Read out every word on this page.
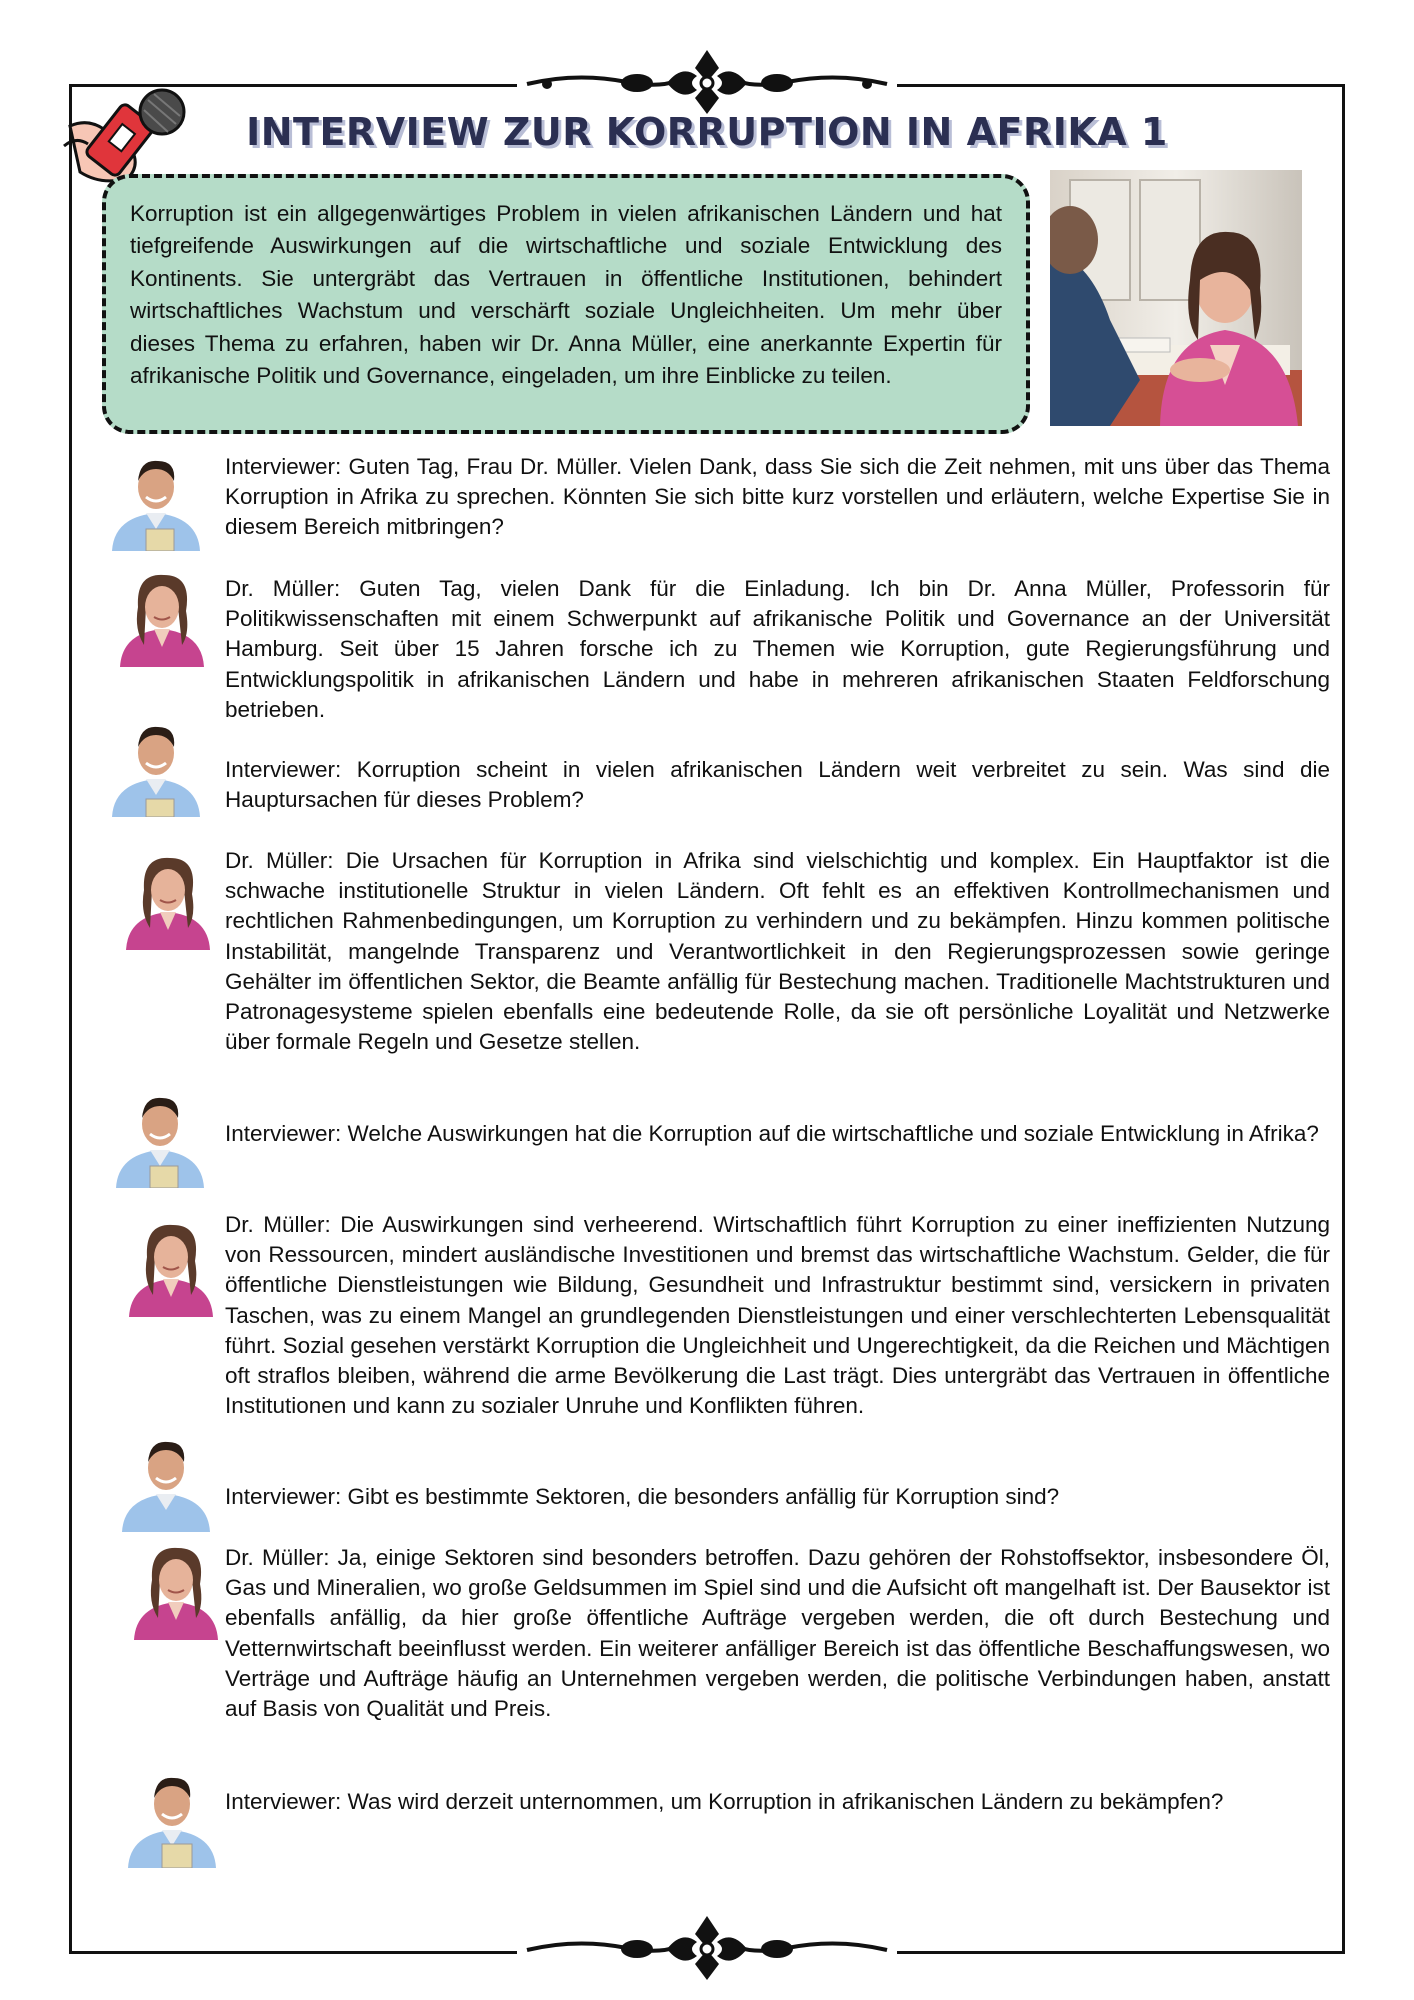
INTERVIEW ZUR KORRUPTION IN AFRIKA 1

Korruption ist ein allgegenwärtiges Problem in vielen afrikanischen Ländern und hat tiefgreifende Auswirkungen auf die wirtschaftliche und soziale Entwicklung des Kontinents. Sie untergräbt das Vertrauen in öffentliche Institutionen, behindert wirtschaftliches Wachstum und verschärft soziale Ungleichheiten. Um mehr über dieses Thema zu erfahren, haben wir Dr. Anna Müller, eine anerkannte Expertin für afrikanische Politik und Governance, eingeladen, um ihre Einblicke zu teilen.

Interviewer: Guten Tag, Frau Dr. Müller. Vielen Dank, dass Sie sich die Zeit nehmen, mit uns über das Thema Korruption in Afrika zu sprechen. Könnten Sie sich bitte kurz vorstellen und erläutern, welche Expertise Sie in diesem Bereich mitbringen?

Dr. Müller: Guten Tag, vielen Dank für die Einladung. Ich bin Dr. Anna Müller, Professorin für Politikwissenschaften mit einem Schwerpunkt auf afrikanische Politik und Governance an der Universität Hamburg. Seit über 15 Jahren forsche ich zu Themen wie Korruption, gute Regierungsführung und Entwicklungspolitik in afrikanischen Ländern und habe in mehreren afrikanischen Staaten Feldforschung betrieben.

Interviewer: Korruption scheint in vielen afrikanischen Ländern weit verbreitet zu sein. Was sind die Hauptursachen für dieses Problem?

Dr. Müller: Die Ursachen für Korruption in Afrika sind vielschichtig und komplex. Ein Hauptfaktor ist die schwache institutionelle Struktur in vielen Ländern. Oft fehlt es an effektiven Kontrollmechanismen und rechtlichen Rahmenbedingungen, um Korruption zu verhindern und zu bekämpfen. Hinzu kommen politische Instabilität, mangelnde Transparenz und Verantwortlichkeit in den Regierungsprozessen sowie geringe Gehälter im öffentlichen Sektor, die Beamte anfällig für Bestechung machen. Traditionelle Machtstrukturen und Patronagesysteme spielen ebenfalls eine bedeutende Rolle, da sie oft persönliche Loyalität und Netzwerke über formale Regeln und Gesetze stellen.

Interviewer: Welche Auswirkungen hat die Korruption auf die wirtschaftliche und soziale Entwicklung in Afrika?

Dr. Müller: Die Auswirkungen sind verheerend. Wirtschaftlich führt Korruption zu einer ineffizienten Nutzung von Ressourcen, mindert ausländische Investitionen und bremst das wirtschaftliche Wachstum. Gelder, die für öffentliche Dienstleistungen wie Bildung, Gesundheit und Infrastruktur bestimmt sind, versickern in privaten Taschen, was zu einem Mangel an grundlegenden Dienstleistungen und einer verschlechterten Lebensqualität führt. Sozial gesehen verstärkt Korruption die Ungleichheit und Ungerechtigkeit, da die Reichen und Mächtigen oft straflos bleiben, während die arme Bevölkerung die Last trägt. Dies untergräbt das Vertrauen in öffentliche Institutionen und kann zu sozialer Unruhe und Konflikten führen.

Interviewer: Gibt es bestimmte Sektoren, die besonders anfällig für Korruption sind?

Dr. Müller: Ja, einige Sektoren sind besonders betroffen. Dazu gehören der Rohstoffsektor, insbesondere Öl, Gas und Mineralien, wo große Geldsummen im Spiel sind und die Aufsicht oft mangelhaft ist. Der Bausektor ist ebenfalls anfällig, da hier große öffentliche Aufträge vergeben werden, die oft durch Bestechung und Vetternwirtschaft beeinflusst werden. Ein weiterer anfälliger Bereich ist das öffentliche Beschaffungswesen, wo Verträge und Aufträge häufig an Unternehmen vergeben werden, die politische Verbindungen haben, anstatt auf Basis von Qualität und Preis.

Interviewer: Was wird derzeit unternommen, um Korruption in afrikanischen Ländern zu bekämpfen?
